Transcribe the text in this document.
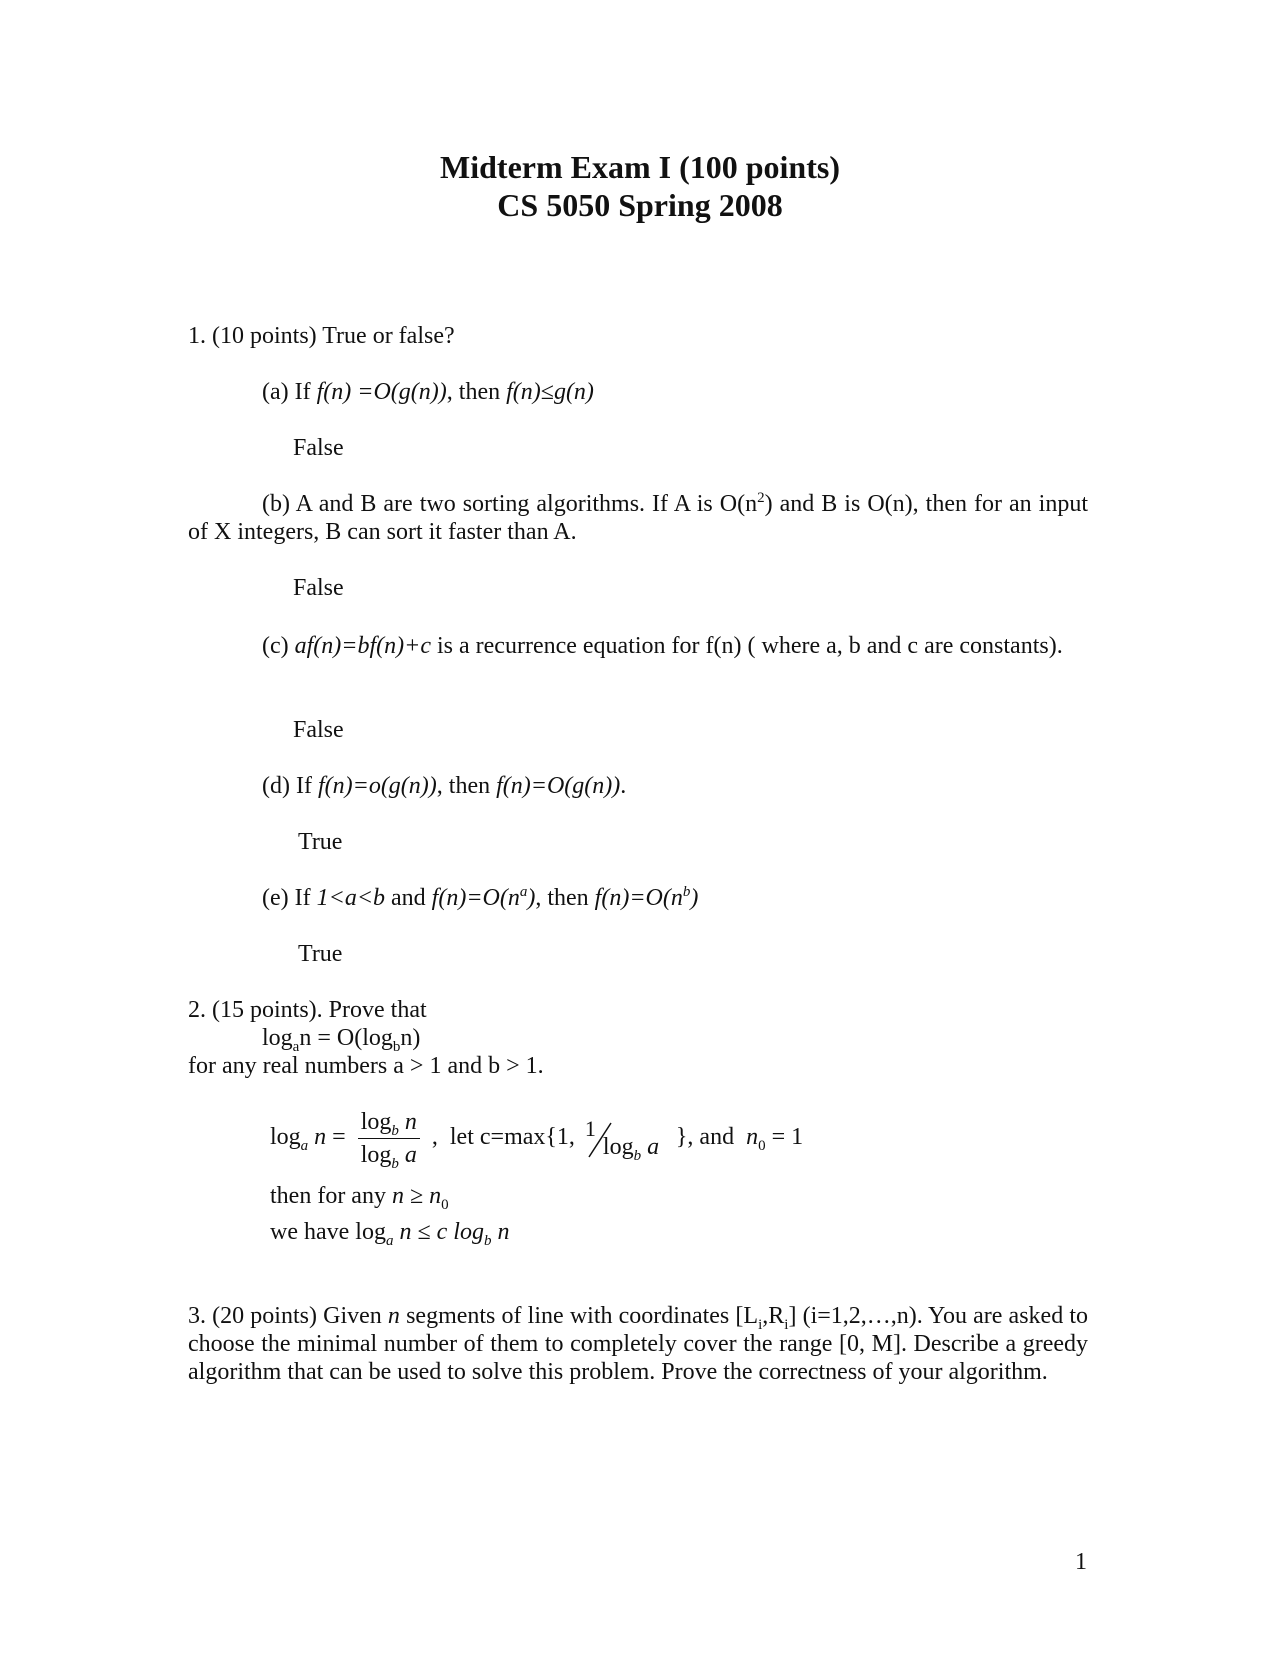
Midterm Exam I (100 points)
CS 5050 Spring 2008
1. (10 points) True or false?
(a) If f(n) =O(g(n)), then f(n)≤g(n)
False
(b) A and B are two sorting algorithms. If A is $O(n^2)$ and B is O(n), then for an input of X integers, B can sort it faster than A.
False
(c) af(n)=bf(n)+c is a recurrence equation for f(n) ( where a, b and c are constants).
False
(d) If f(n)=o(g(n)), then f(n)=O(g(n)).
True
(e) If 1<a<b and $f(n)=O(n^a)$, then $f(n)=O(n^b)$
True
2. (15 points). Prove that
$\log_an = O(\log_bn)$
for any real numbers a > 1 and b > 1.
$\log_a n = \frac{\log_b n}{\log_b a}$ , let c=max{1, 1
$\log_b a$ }, and $n_0 = 1$
then for any $n \ge n_0$
we have $\log_a n \le c$ $\log_b n$
3. (20 points) Given n segments of line with coordinates $[L_i,R_i]$ (i=1,2,…,n). You are asked to choose the minimal number of them to completely cover the range [0, M]. Describe a greedy algorithm that can be used to solve this problem. Prove the correctness of your algorithm.
1
